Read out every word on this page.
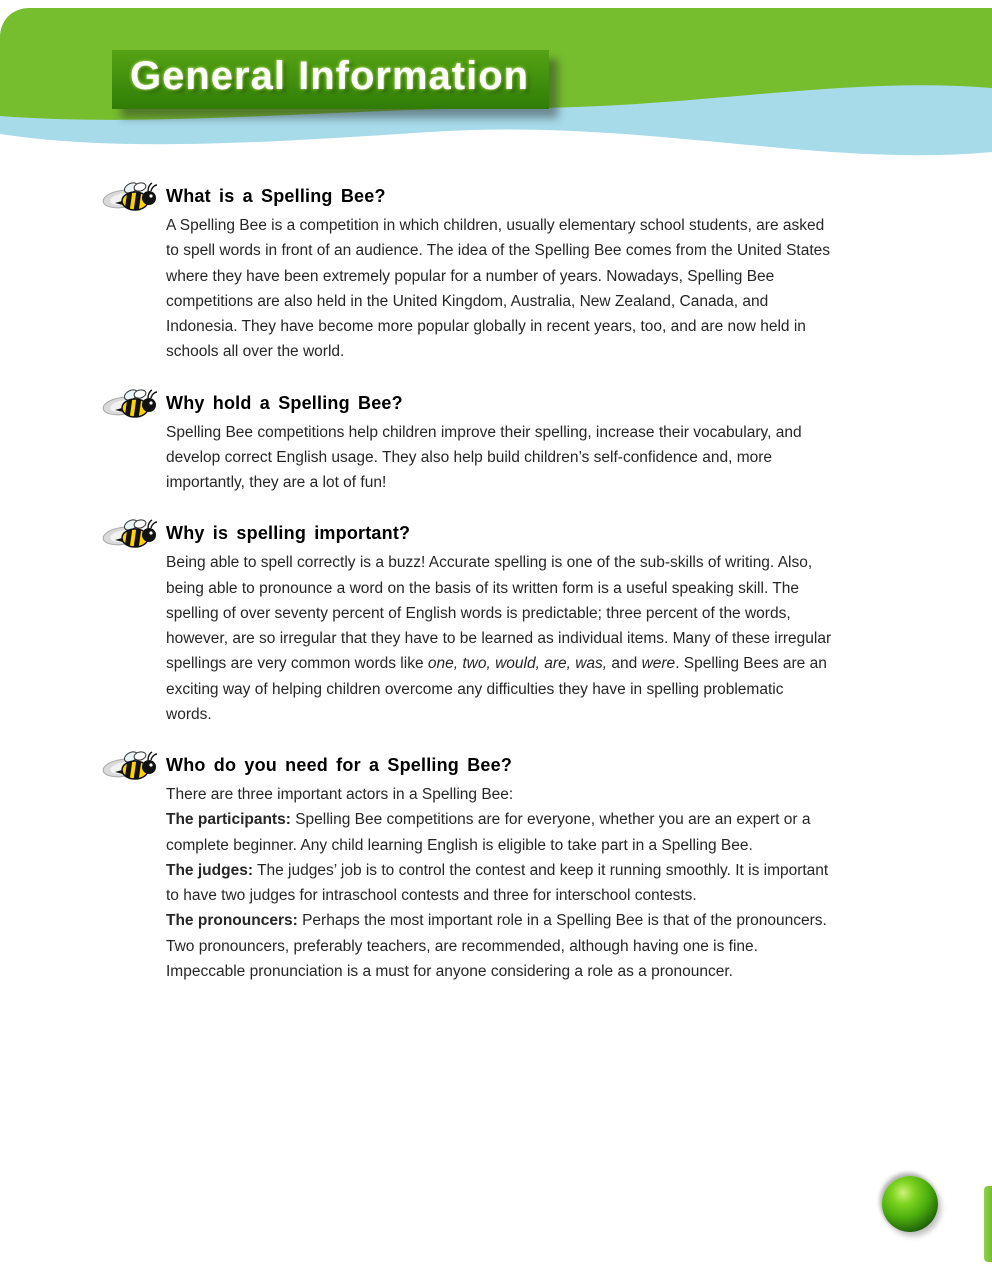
General Information
What is a Spelling Bee?

A Spelling Bee is a competition in which children, usually elementary school students, are asked to spell words in front of an audience. The idea of the Spelling Bee comes from the United States where they have been extremely popular for a number of years. Nowadays, Spelling Bee competitions are also held in the United Kingdom, Australia, New Zealand, Canada, and Indonesia. They have become more popular globally in recent years, too, and are now held in schools all over the world.

Why hold a Spelling Bee?

Spelling Bee competitions help children improve their spelling, increase their vocabulary, and develop correct English usage. They also help build children’s self-confidence and, more importantly, they are a lot of fun!

Why is spelling important?

Being able to spell correctly is a buzz! Accurate spelling is one of the sub-skills of writing. Also, being able to pronounce a word on the basis of its written form is a useful speaking skill. The spelling of over seventy percent of English words is predictable; three percent of the words, however, are so irregular that they have to be learned as individual items. Many of these irregular spellings are very common words like one, two, would, are, was, and were. Spelling Bees are an exciting way of helping children overcome any difficulties they have in spelling problematic words.

Who do you need for a Spelling Bee?

There are three important actors in a Spelling Bee:

The participants: Spelling Bee competitions are for everyone, whether you are an expert or a complete beginner. Any child learning English is eligible to take part in a Spelling Bee.

The judges: The judges’ job is to control the contest and keep it running smoothly. It is important to have two judges for intraschool contests and three for interschool contests.

The pronouncers: Perhaps the most important role in a Spelling Bee is that of the pronouncers. Two pronouncers, preferably teachers, are recommended, although having one is fine. Impeccable pronunciation is a must for anyone considering a role as a pronouncer.
